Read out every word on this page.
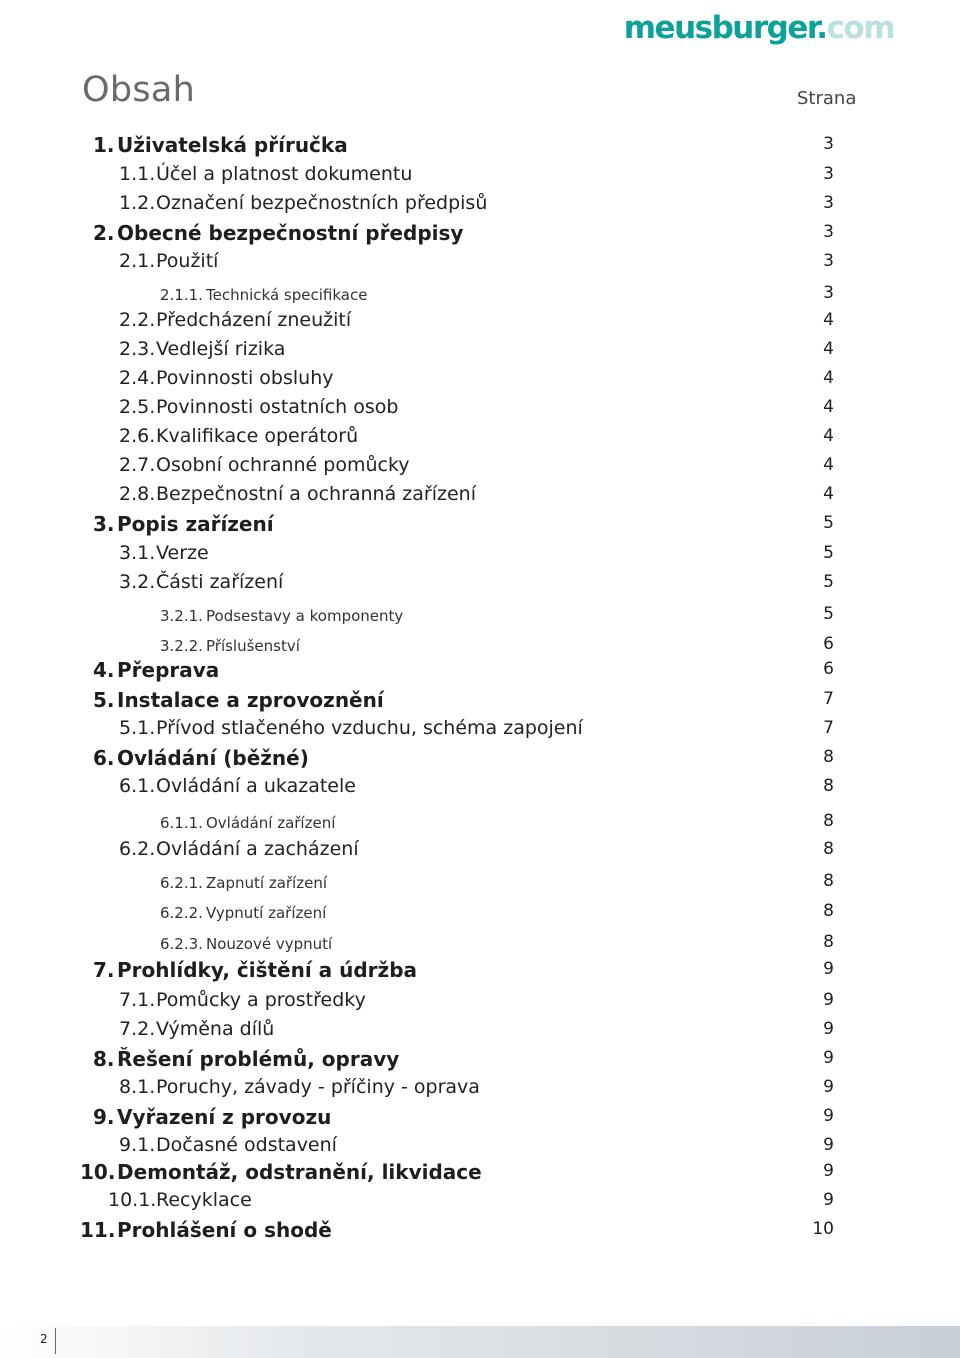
meusburger.com
Obsah	Strana
1. Uživatelská příručka	3
1.1. Účel a platnost dokumentu	3
1.2. Označení bezpečnostních předpisů	3
2. Obecné bezpečnostní předpisy	3
2.1. Použití	3
2.1.1. Technická specifikace	3
2.2. Předcházení zneužití	4
2.3. Vedlejší rizika	4
2.4. Povinnosti obsluhy	4
2.5. Povinnosti ostatních osob	4
2.6. Kvalifikace operátorů	4
2.7. Osobní ochranné pomůcky	4
2.8. Bezpečnostní a ochranná zařízení	4
3. Popis zařízení	5
3.1. Verze	5
3.2. Části zařízení	5
3.2.1. Podsestavy a komponenty	5
3.2.2. Příslušenství	6
4. Přeprava	6
5. Instalace a zprovoznění	7
5.1. Přívod stlačeného vzduchu, schéma zapojení	7
6. Ovládání (běžné)	8
6.1. Ovládání a ukazatele	8
6.1.1. Ovládání zařízení	8
6.2. Ovládání a zacházení	8
6.2.1. Zapnutí zařízení	8
6.2.2. Vypnutí zařízení	8
6.2.3. Nouzové vypnutí	8
7. Prohlídky, čištění a údržba	9
7.1. Pomůcky a prostředky	9
7.2. Výměna dílů	9
8. Řešení problémů, opravy	9
8.1. Poruchy, závady - příčiny - oprava	9
9. Vyřazení z provozu	9
9.1. Dočasné odstavení	9
10. Demontáž, odstranění, likvidace	9
10.1. Recyklace	9
11. Prohlášení o shodě	10
2
